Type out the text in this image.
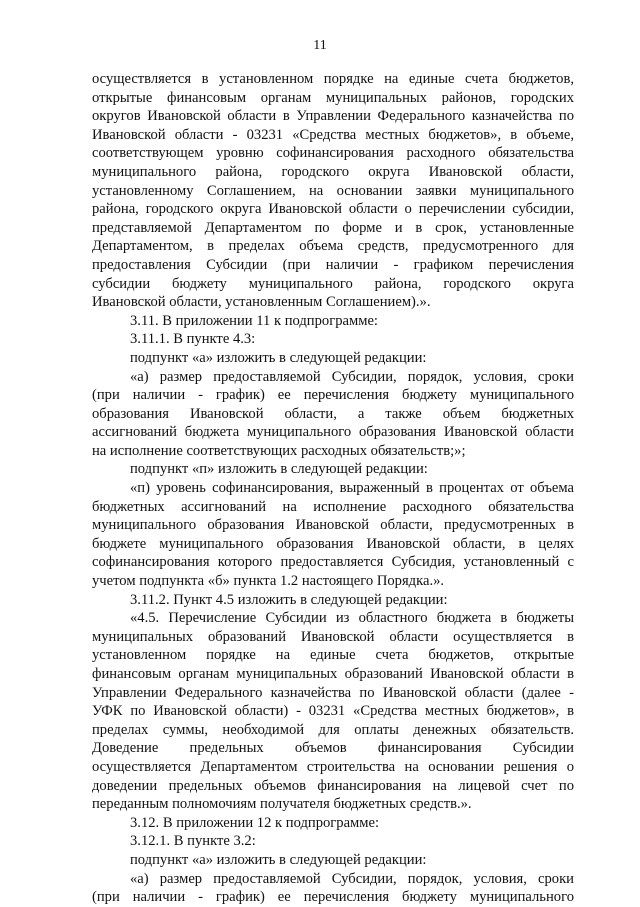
11
осуществляется в установленном порядке на единые счета бюджетов,
открытые финансовым органам муниципальных районов, городских
округов Ивановской области в Управлении Федерального казначейства по
Ивановской области - 03231 «Средства местных бюджетов», в объеме,
соответствующем уровню софинансирования расходного обязательства
муниципального района, городского округа Ивановской области,
установленному Соглашением, на основании заявки муниципального
района, городского округа Ивановской области о перечислении субсидии,
представляемой Департаментом по форме и в срок, установленные
Департаментом, в пределах объема средств, предусмотренного для
предоставления Субсидии (при наличии - графиком перечисления
субсидии бюджету муниципального района, городского округа
Ивановской области, установленным Соглашением).».
3.11. В приложении 11 к подпрограмме:
3.11.1. В пункте 4.3:
подпункт «а» изложить в следующей редакции:
«а) размер предоставляемой Субсидии, порядок, условия, сроки
(при наличии - график) ее перечисления бюджету муниципального
образования Ивановской области, а также объем бюджетных
ассигнований бюджета муниципального образования Ивановской области
на исполнение соответствующих расходных обязательств;»;
подпункт «п» изложить в следующей редакции:
«п) уровень софинансирования, выраженный в процентах от объема
бюджетных ассигнований на исполнение расходного обязательства
муниципального образования Ивановской области, предусмотренных в
бюджете муниципального образования Ивановской области, в целях
софинансирования которого предоставляется Субсидия, установленный с
учетом подпункта «б» пункта 1.2 настоящего Порядка.».
3.11.2. Пункт 4.5 изложить в следующей редакции:
«4.5. Перечисление Субсидии из областного бюджета в бюджеты
муниципальных образований Ивановской области осуществляется в
установленном порядке на единые счета бюджетов, открытые
финансовым органам муниципальных образований Ивановской области в
Управлении Федерального казначейства по Ивановской области (далее -
УФК по Ивановской области) - 03231 «Средства местных бюджетов», в
пределах суммы, необходимой для оплаты денежных обязательств.
Доведение предельных объемов финансирования Субсидии
осуществляется Департаментом строительства на основании решения о
доведении предельных объемов финансирования на лицевой счет по
переданным полномочиям получателя бюджетных средств.».
3.12. В приложении 12 к подпрограмме:
3.12.1. В пункте 3.2:
подпункт «а» изложить в следующей редакции:
«а) размер предоставляемой Субсидии, порядок, условия, сроки
(при наличии - график) ее перечисления бюджету муниципального
